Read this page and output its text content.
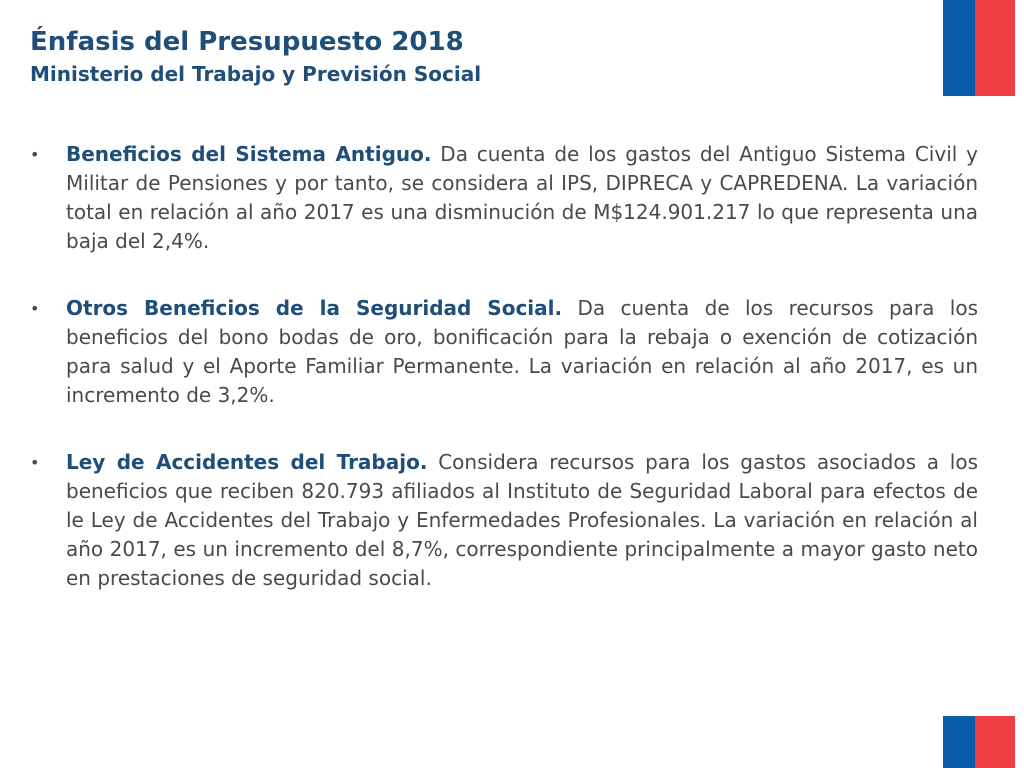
Énfasis del Presupuesto 2018
Ministerio del Trabajo y Previsión Social

• Beneficios del Sistema Antiguo. Da cuenta de los gastos del Antiguo Sistema Civil y Militar de Pensiones y por tanto, se considera al IPS, DIPRECA y CAPREDENA. La variación total en relación al año 2017 es una disminución de M$124.901.217 lo que representa una baja del 2,4%.

• Otros Beneficios de la Seguridad Social. Da cuenta de los recursos para los beneficios del bono bodas de oro, bonificación para la rebaja o exención de cotización para salud y el Aporte Familiar Permanente. La variación en relación al año 2017, es un incremento de 3,2%.

• Ley de Accidentes del Trabajo. Considera recursos para los gastos asociados a los beneficios que reciben 820.793 afiliados al Instituto de Seguridad Laboral para efectos de le Ley de Accidentes del Trabajo y Enfermedades Profesionales. La variación en relación al año 2017, es un incremento del 8,7%, correspondiente principalmente a mayor gasto neto en prestaciones de seguridad social.
